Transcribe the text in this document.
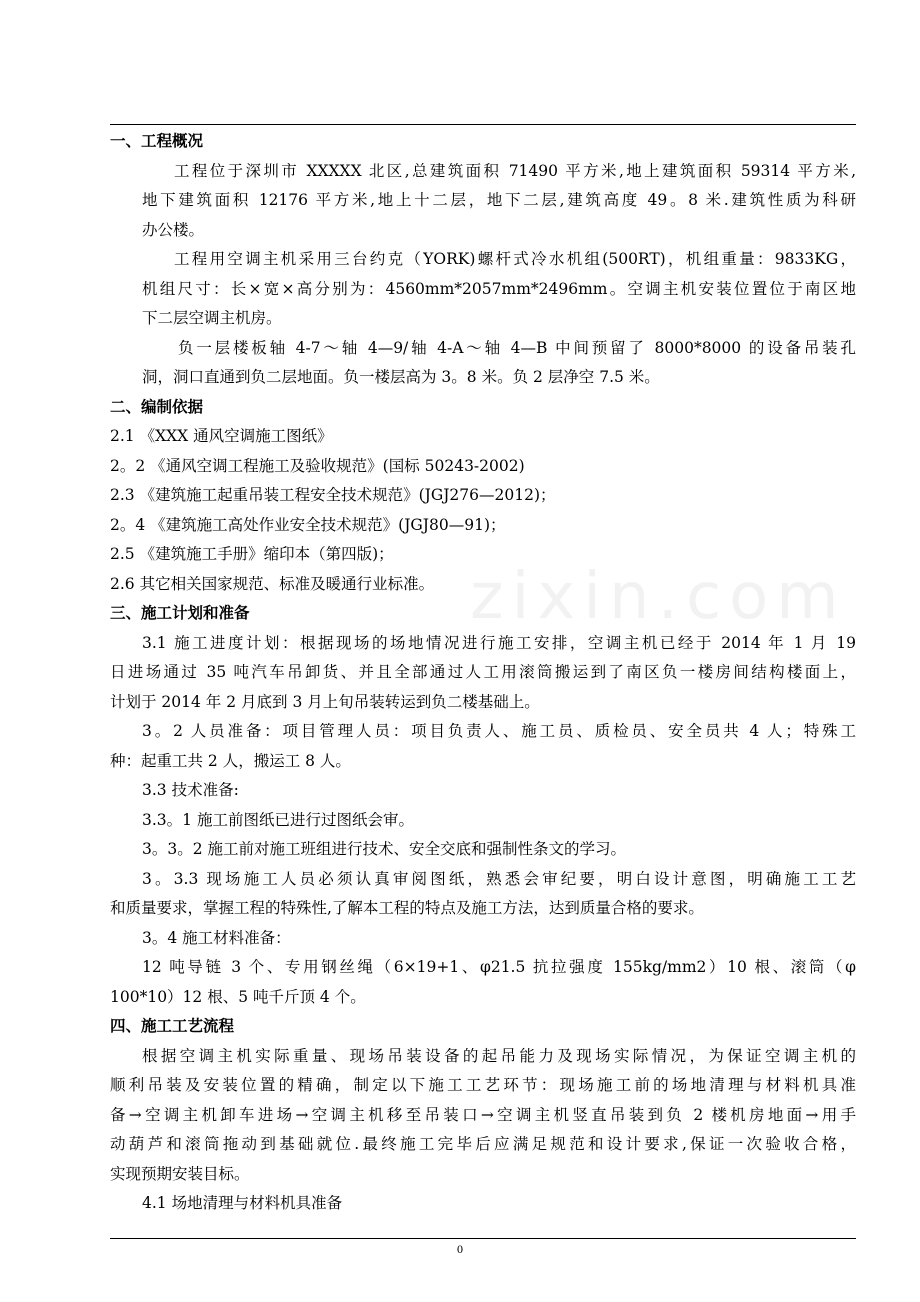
zixin.com
一、工程概况
工程位于深圳市 XXXXX 北区,总建筑面积 71490 平方米,地上建筑面积 59314 平方米,
地下建筑面积 12176 平方米,地上十二层，地下二层,建筑高度 49。8 米.建筑性质为科研
办公楼。
工程用空调主机采用三台约克（YORK)螺杆式冷水机组(500RT)，机组重量：9833KG，
机组尺寸：长×宽×高分别为：4560mm*2057mm*2496mm。空调主机安装位置位于南区地
下二层空调主机房。
负一层楼板轴 4-7～轴 4—9/轴 4-A～轴 4—B 中间预留了 8000*8000 的设备吊装孔
洞，洞口直通到负二层地面。负一楼层高为 3。8 米。负 2 层净空 7.5 米。
二、编制依据
2.1 《XXX 通风空调施工图纸》
2。2 《通风空调工程施工及验收规范》(国标 50243-2002)
2.3 《建筑施工起重吊装工程安全技术规范》(JGJ276—2012)；
2。4 《建筑施工高处作业安全技术规范》(JGJ80—91)；
2.5 《建筑施工手册》缩印本（第四版)；
2.6 其它相关国家规范、标准及暖通行业标准。
三、施工计划和准备
3.1 施工进度计划：根据现场的场地情况进行施工安排，空调主机已经于 2014 年 1 月 19
日进场通过 35 吨汽车吊卸货、并且全部通过人工用滚筒搬运到了南区负一楼房间结构楼面上，
计划于 2014 年 2 月底到 3 月上旬吊装转运到负二楼基础上。
3。2 人员准备：项目管理人员：项目负责人、施工员、质检员、安全员共 4 人；特殊工
种：起重工共 2 人，搬运工 8 人。
3.3 技术准备:
3.3。1 施工前图纸已进行过图纸会审。
3。3。2 施工前对施工班组进行技术、安全交底和强制性条文的学习。
3。3.3 现场施工人员必须认真审阅图纸，熟悉会审纪要，明白设计意图，明确施工工艺
和质量要求，掌握工程的特殊性,了解本工程的特点及施工方法，达到质量合格的要求。
3。4 施工材料准备：
12 吨导链 3 个、专用钢丝绳（6×19+1、φ21.5 抗拉强度 155kg/mm2）10 根、滚筒（φ
100*10）12 根、5 吨千斤顶 4 个。
四、施工工艺流程
根据空调主机实际重量、现场吊装设备的起吊能力及现场实际情况，为保证空调主机的
顺利吊装及安装位置的精确，制定以下施工工艺环节：现场施工前的场地清理与材料机具准
备→空调主机卸车进场→空调主机移至吊装口→空调主机竖直吊装到负 2 楼机房地面→用手
动葫芦和滚筒拖动到基础就位.最终施工完毕后应满足规范和设计要求,保证一次验收合格，
实现预期安装目标。
4.1 场地清理与材料机具准备
0
